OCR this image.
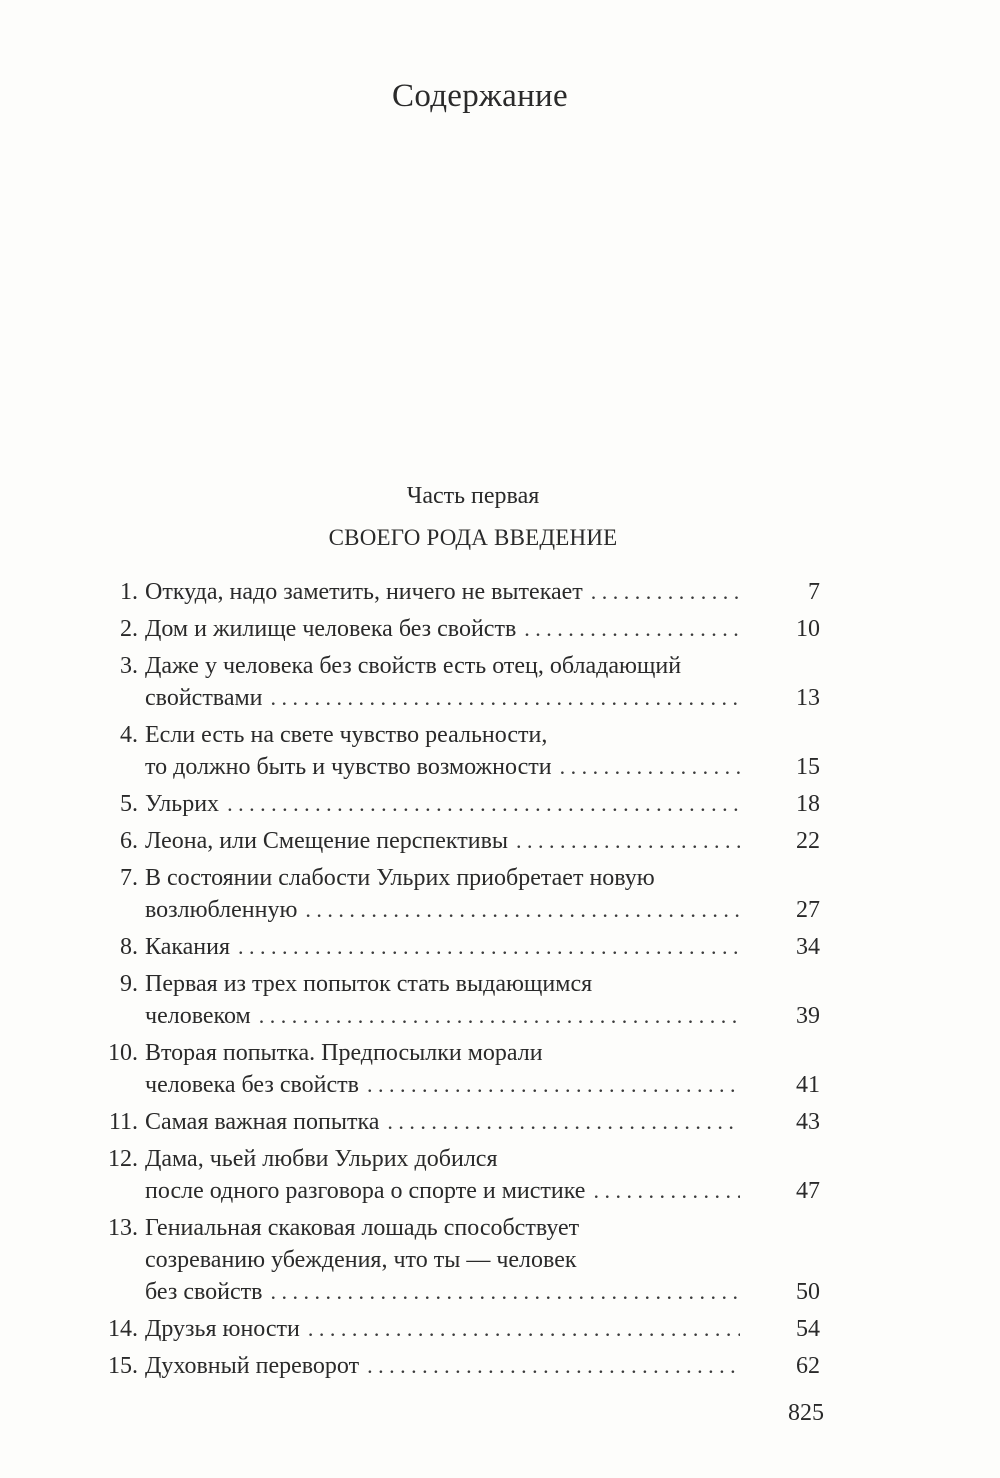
Содержание
Часть первая
СВОЕГО РОДА ВВЕДЕНИЕ
1. Откуда, надо заметить, ничего не вытекает . . .	7
2. Дом и жилище человека без свойств . . .	10
3. Даже у человека без свойств есть отец, обладающий
свойствами . . .	13
4. Если есть на свете чувство реальности,
то должно быть и чувство возможности . . .	15
5. Ульрих . . .	18
6. Леона, или Смещение перспективы . . .	22
7. В состоянии слабости Ульрих приобретает новую
возлюбленную . . .	27
8. Какания . . .	34
9. Первая из трех попыток стать выдающимся
человеком . . .	39
10. Вторая попытка. Предпосылки морали
человека без свойств . . .	41
11. Самая важная попытка . . .	43
12. Дама, чьей любви Ульрих добился
после одного разговора о спорте и мистике . . .	47
13. Гениальная скаковая лошадь способствует
созреванию убеждения, что ты — человек
без свойств . . .	50
14. Друзья юности . . .	54
15. Духовный переворот . . .	62
825
